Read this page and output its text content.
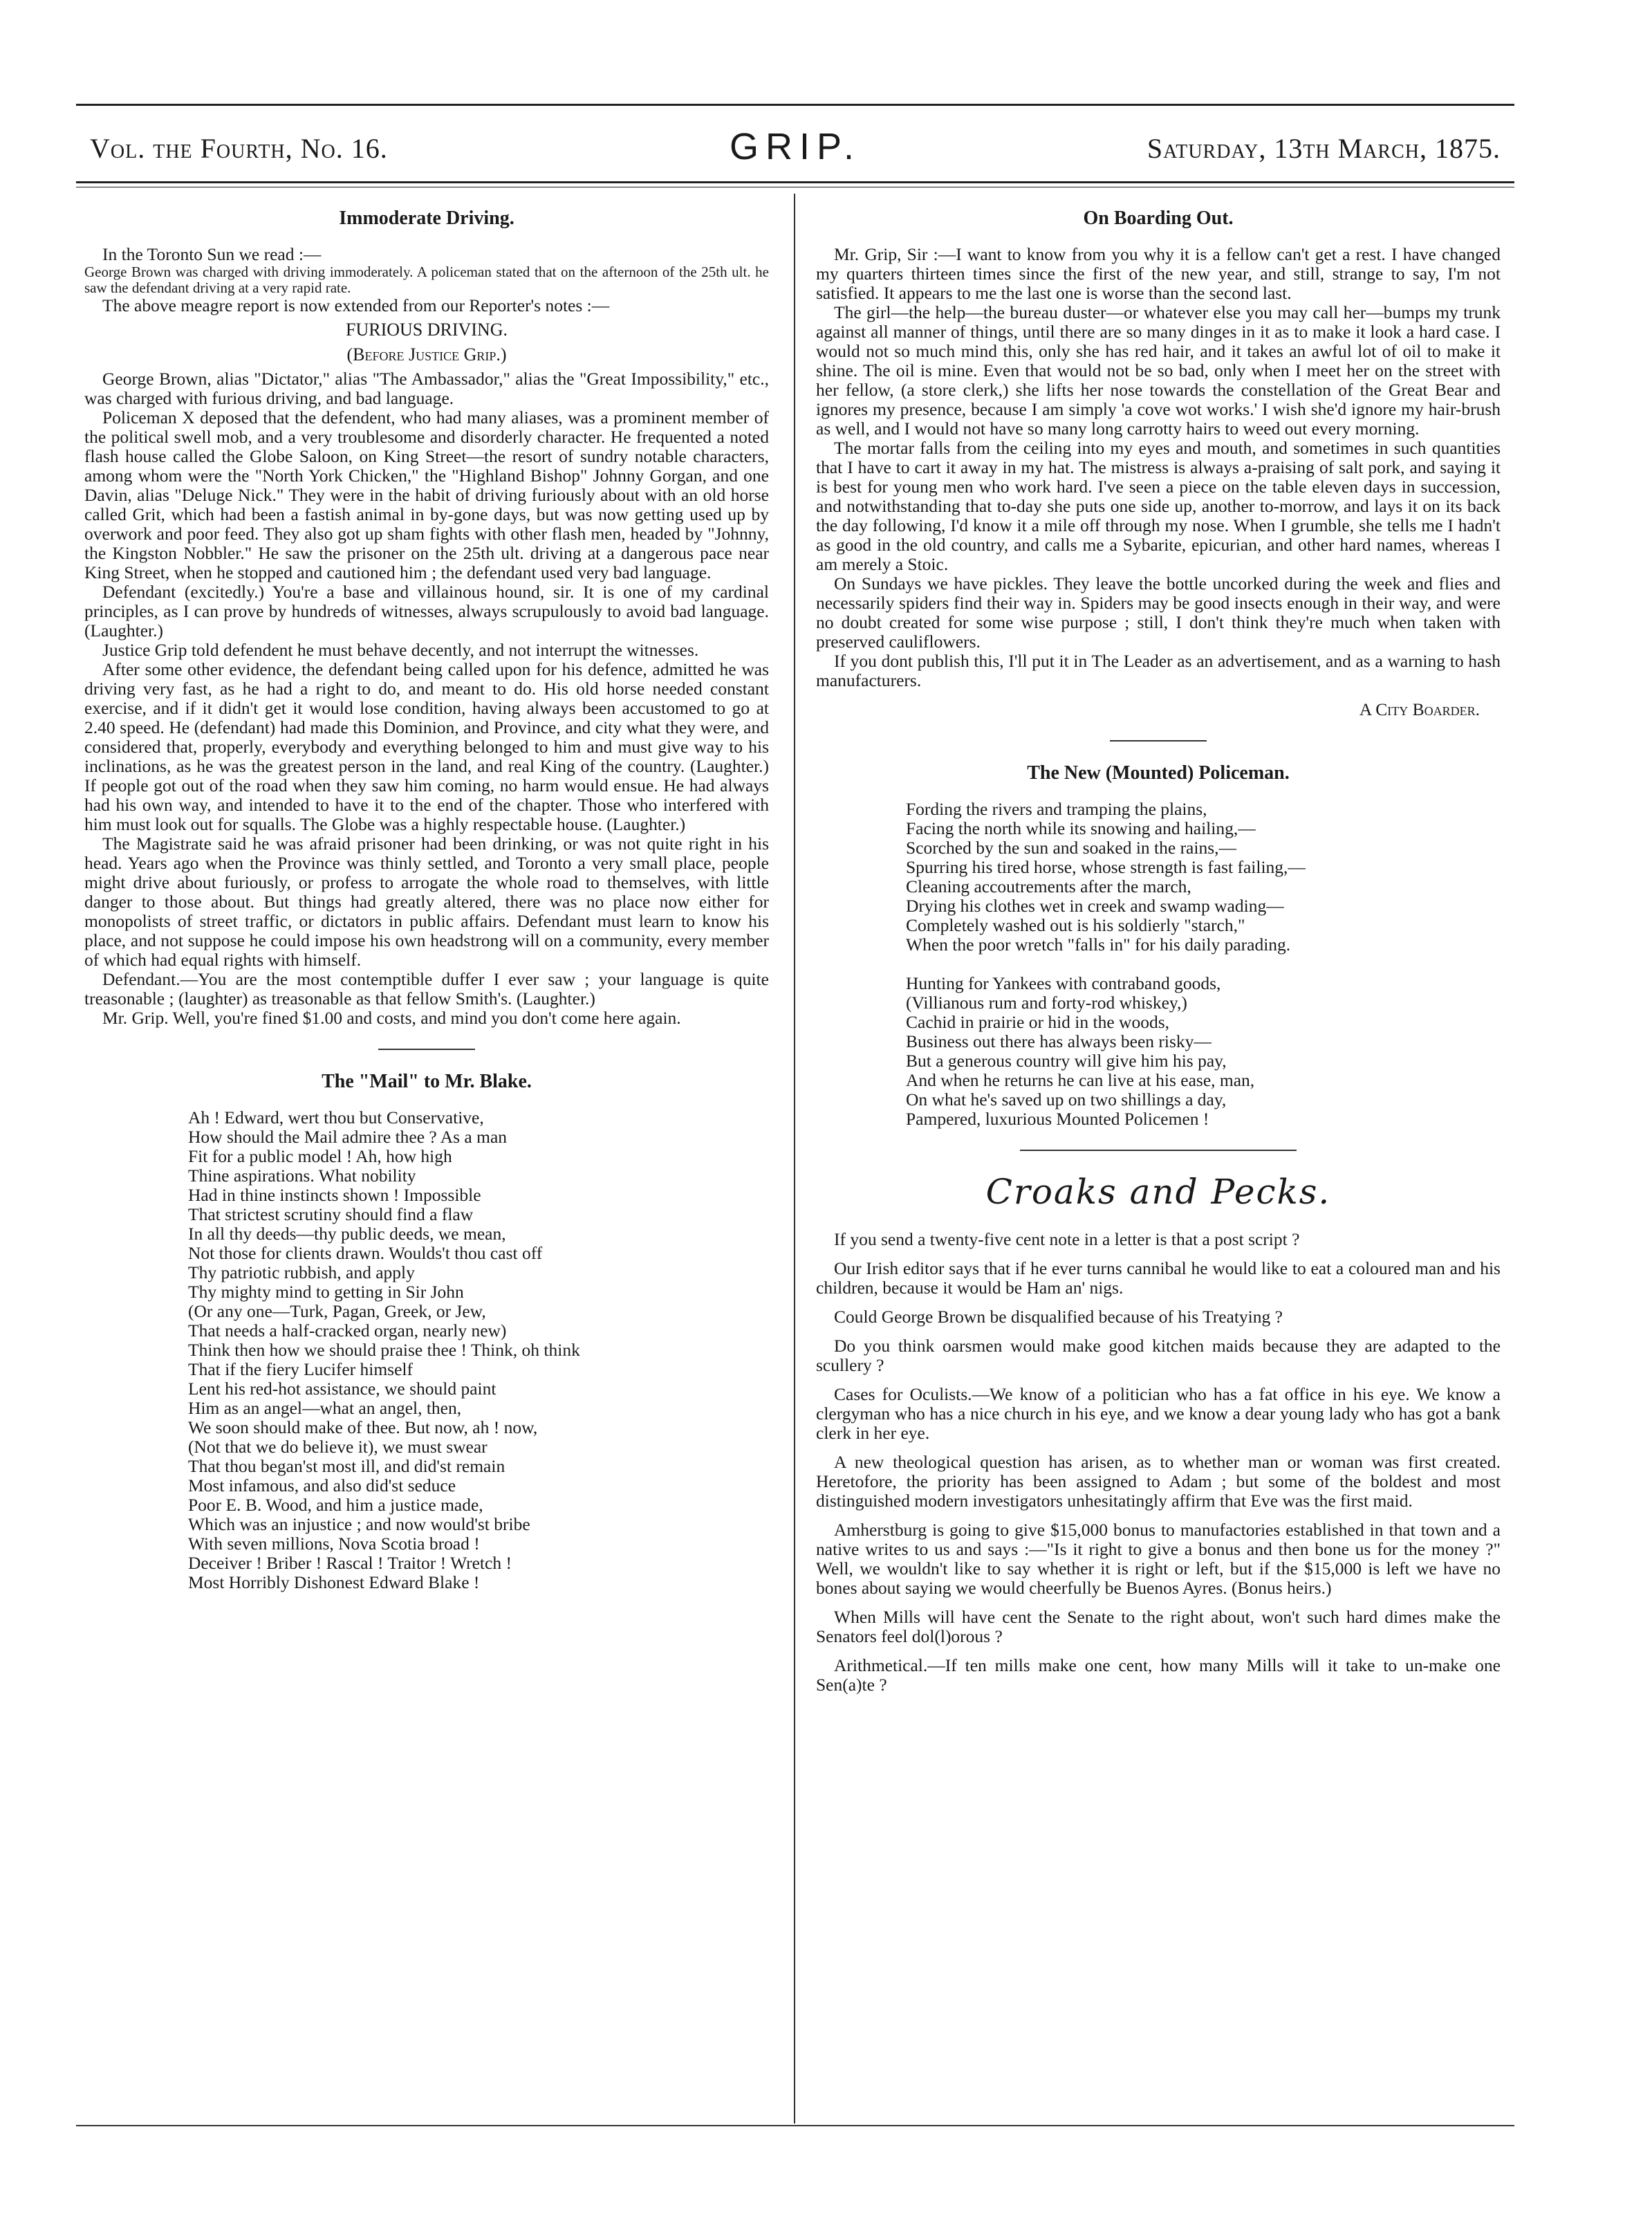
Vol. the Fourth, No. 16.	GRIP.	Saturday, 13th March, 1875.
Immoderate Driving.

In the Toronto Sun we read :—

George Brown was charged with driving immoderately. A policeman stated that on the afternoon of the 25th ult. he saw the defendant driving at a very rapid rate.

The above meagre report is now extended from our Reporter's notes :—

FURIOUS DRIVING.
(Before Justice Grip.)

George Brown, alias "Dictator," alias "The Ambassador," alias the "Great Impossibility," etc., was charged with furious driving, and bad language.

Policeman X deposed that the defendent, who had many aliases, was a prominent member of the political swell mob, and a very troublesome and disorderly character. He frequented a noted flash house called the Globe Saloon, on King Street—the resort of sundry notable characters, among whom were the "North York Chicken," the "Highland Bishop" Johnny Gorgan, and one Davin, alias "Deluge Nick." They were in the habit of driving furiously about with an old horse called Grit, which had been a fastish animal in by-gone days, but was now getting used up by overwork and poor feed. They also got up sham fights with other flash men, headed by "Johnny, the Kingston Nobbler." He saw the prisoner on the 25th ult. driving at a dangerous pace near King Street, when he stopped and cautioned him ; the defendant used very bad language.

Defendant (excitedly.) You're a base and villainous hound, sir. It is one of my cardinal principles, as I can prove by hundreds of witnesses, always scrupulously to avoid bad language. (Laughter.)

Justice Grip told defendent he must behave decently, and not interrupt the witnesses.

After some other evidence, the defendant being called upon for his defence, admitted he was driving very fast, as he had a right to do, and meant to do. His old horse needed constant exercise, and if it didn't get it would lose condition, having always been accustomed to go at 2.40 speed. He (defendant) had made this Dominion, and Province, and city what they were, and considered that, properly, everybody and everything belonged to him and must give way to his inclinations, as he was the greatest person in the land, and real King of the country. (Laughter.) If people got out of the road when they saw him coming, no harm would ensue. He had always had his own way, and intended to have it to the end of the chapter. Those who interfered with him must look out for squalls. The Globe was a highly respectable house. (Laughter.)

The Magistrate said he was afraid prisoner had been drinking, or was not quite right in his head. Years ago when the Province was thinly settled, and Toronto a very small place, people might drive about furiously, or profess to arrogate the whole road to themselves, with little danger to those about. But things had greatly altered, there was no place now either for monopolists of street traffic, or dictators in public affairs. Defendant must learn to know his place, and not suppose he could impose his own headstrong will on a community, every member of which had equal rights with himself.

Defendant.—You are the most contemptible duffer I ever saw ; your language is quite treasonable ; (laughter) as treasonable as that fellow Smith's. (Laughter.)

Mr. Grip. Well, you're fined $1.00 and costs, and mind you don't come here again.

The "Mail" to Mr. Blake.

Ah ! Edward, wert thou but Conservative,

How should the Mail admire thee ? As a man

Fit for a public model ! Ah, how high

Thine aspirations. What nobility

Had in thine instincts shown ! Impossible

That strictest scrutiny should find a flaw

In all thy deeds—thy public deeds, we mean,

Not those for clients drawn. Woulds't thou cast off

Thy patriotic rubbish, and apply

Thy mighty mind to getting in Sir John

(Or any one—Turk, Pagan, Greek, or Jew,

That needs a half-cracked organ, nearly new)

Think then how we should praise thee ! Think, oh think

That if the fiery Lucifer himself

Lent his red-hot assistance, we should paint

Him as an angel—what an angel, then,

We soon should make of thee. But now, ah ! now,

(Not that we do believe it), we must swear

That thou began'st most ill, and did'st remain

Most infamous, and also did'st seduce

Poor E. B. Wood, and him a justice made,

Which was an injustice ; and now would'st bribe

With seven millions, Nova Scotia broad !

Deceiver ! Briber ! Rascal ! Traitor ! Wretch !

Most Horribly Dishonest Edward Blake !

On Boarding Out.

Mr. Grip, Sir :—I want to know from you why it is a fellow can't get a rest. I have changed my quarters thirteen times since the first of the new year, and still, strange to say, I'm not satisfied. It appears to me the last one is worse than the second last.

The girl—the help—the bureau duster—or whatever else you may call her—bumps my trunk against all manner of things, until there are so many dinges in it as to make it look a hard case. I would not so much mind this, only she has red hair, and it takes an awful lot of oil to make it shine. The oil is mine. Even that would not be so bad, only when I meet her on the street with her fellow, (a store clerk,) she lifts her nose towards the constellation of the Great Bear and ignores my presence, because I am simply 'a cove wot works.' I wish she'd ignore my hair-brush as well, and I would not have so many long carrotty hairs to weed out every morning.

The mortar falls from the ceiling into my eyes and mouth, and sometimes in such quantities that I have to cart it away in my hat. The mistress is always a-praising of salt pork, and saying it is best for young men who work hard. I've seen a piece on the table eleven days in succession, and notwithstanding that to-day she puts one side up, another to-morrow, and lays it on its back the day following, I'd know it a mile off through my nose. When I grumble, she tells me I hadn't as good in the old country, and calls me a Sybarite, epicurian, and other hard names, whereas I am merely a Stoic.

On Sundays we have pickles. They leave the bottle uncorked during the week and flies and necessarily spiders find their way in. Spiders may be good insects enough in their way, and were no doubt created for some wise purpose ; still, I don't think they're much when taken with preserved cauliflowers.

If you dont publish this, I'll put it in The Leader as an advertisement, and as a warning to hash manufacturers.

A City Boarder.

The New (Mounted) Policeman.

Fording the rivers and tramping the plains,

Facing the north while its snowing and hailing,—

Scorched by the sun and soaked in the rains,—

Spurring his tired horse, whose strength is fast failing,—

Cleaning accoutrements after the march,

Drying his clothes wet in creek and swamp wading—

Completely washed out is his soldierly "starch,"

When the poor wretch "falls in" for his daily parading.

Hunting for Yankees with contraband goods,

(Villianous rum and forty-rod whiskey,)

Cachid in prairie or hid in the woods,

Business out there has always been risky—

But a generous country will give him his pay,

And when he returns he can live at his ease, man,

On what he's saved up on two shillings a day,

Pampered, luxurious Mounted Policemen !

Croaks and Pecks.

If you send a twenty-five cent note in a letter is that a post script ?

Our Irish editor says that if he ever turns cannibal he would like to eat a coloured man and his children, because it would be Ham an' nigs.

Could George Brown be disqualified because of his Treatying ?

Do you think oarsmen would make good kitchen maids because they are adapted to the scullery ?

Cases for Oculists.—We know of a politician who has a fat office in his eye. We know a clergyman who has a nice church in his eye, and we know a dear young lady who has got a bank clerk in her eye.

A new theological question has arisen, as to whether man or woman was first created. Heretofore, the priority has been assigned to Adam ; but some of the boldest and most distinguished modern investigators unhesitatingly affirm that Eve was the first maid.

Amherstburg is going to give $15,000 bonus to manufactories established in that town and a native writes to us and says :—"Is it right to give a bonus and then bone us for the money ?" Well, we wouldn't like to say whether it is right or left, but if the $15,000 is left we have no bones about saying we would cheerfully be Buenos Ayres. (Bonus heirs.)

When Mills will have cent the Senate to the right about, won't such hard dimes make the Senators feel dol(l)orous ?

Arithmetical.—If ten mills make one cent, how many Mills will it take to un-make one Sen(a)te ?
